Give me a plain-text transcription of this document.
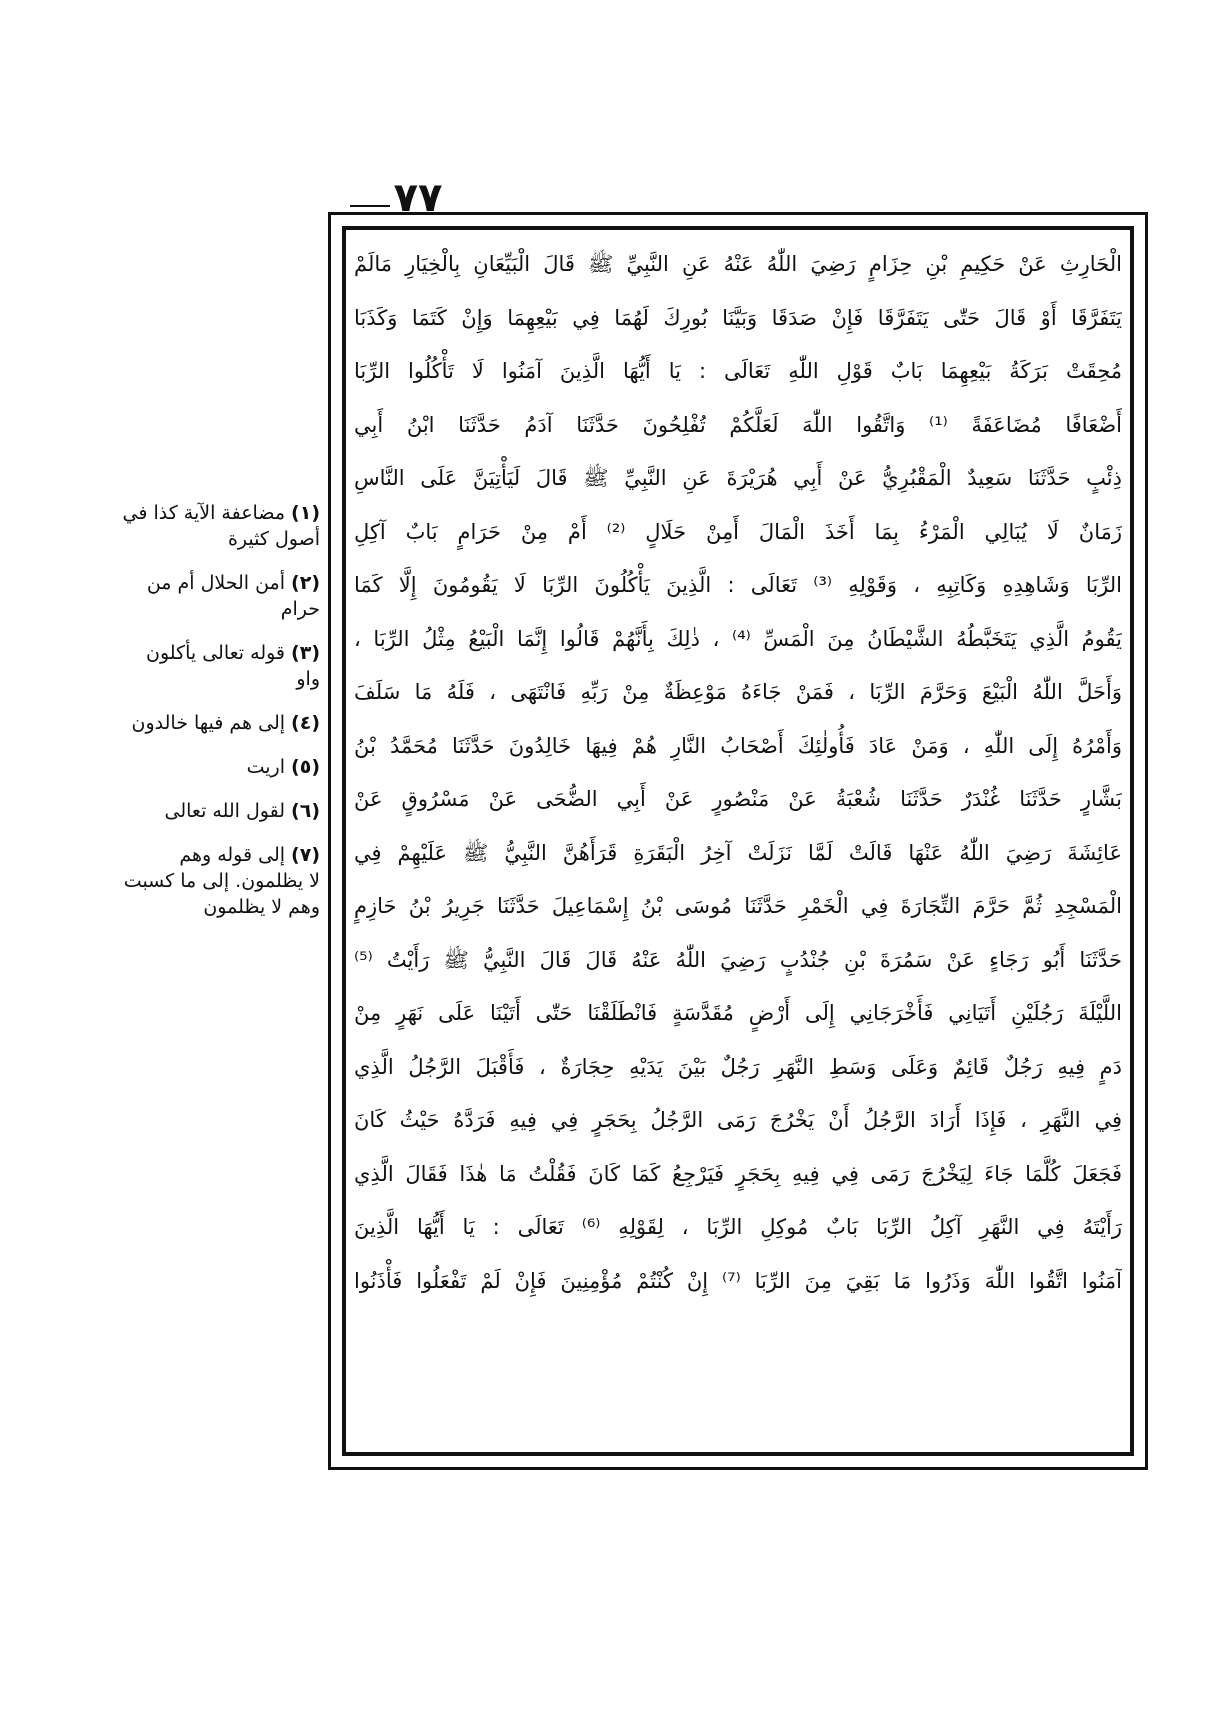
٧٧
الْحَارِثِ عَنْ حَكِيمِ بْنِ حِزَامٍ رَضِيَ اللّٰهُ عَنْهُ عَنِ النَّبِيِّ ﷺ قَالَ الْبَيِّعَانِ بِالْخِيَارِ مَالَمْ
يَتَفَرَّقَا أَوْ قَالَ حَتّٰى يَتَفَرَّقَا فَإِنْ صَدَقَا وَبَيَّنَا بُورِكَ لَهُمَا فِي بَيْعِهِمَا وَإِنْ كَتَمَا وَكَذَبَا
مُحِقَتْ بَرَكَةُ بَيْعِهِمَا بَابٌ قَوْلِ اللّٰهِ تَعَالَى : يَا أَيُّهَا الَّذِينَ آمَنُوا لَا تَأْكُلُوا الرِّبَا
أَضْعَافًا مُضَاعَفَةً ⁽¹⁾ وَاتَّقُوا اللّٰهَ لَعَلَّكُمْ تُفْلِحُونَ حَدَّثَنَا آدَمُ حَدَّثَنَا ابْنُ أَبِي
ذِئْبٍ حَدَّثَنَا سَعِيدٌ الْمَقْبُرِيُّ عَنْ أَبِي هُرَيْرَةَ عَنِ النَّبِيِّ ﷺ قَالَ لَيَأْتِيَنَّ عَلَى النَّاسِ
زَمَانٌ لَا يُبَالِي الْمَرْءُ بِمَا أَخَذَ الْمَالَ أَمِنْ حَلَالٍ ⁽²⁾ أَمْ مِنْ حَرَامٍ بَابٌ آكِلِ
الرِّبَا وَشَاهِدِهِ وَكَاتِبِهِ ، وَقَوْلِهِ ⁽³⁾ تَعَالَى : الَّذِينَ يَأْكُلُونَ الرِّبَا لَا يَقُومُونَ إِلَّا كَمَا
يَقُومُ الَّذِي يَتَخَبَّطُهُ الشَّيْطَانُ مِنَ الْمَسِّ ⁽⁴⁾ ، ذٰلِكَ بِأَنَّهُمْ قَالُوا إِنَّمَا الْبَيْعُ مِثْلُ الرِّبَا ،
وَأَحَلَّ اللّٰهُ الْبَيْعَ وَحَرَّمَ الرِّبَا ، فَمَنْ جَاءَهُ مَوْعِظَةٌ مِنْ رَبِّهِ فَانْتَهَى ، فَلَهُ مَا سَلَفَ
وَأَمْرُهُ إِلَى اللّٰهِ ، وَمَنْ عَادَ فَأُولٰئِكَ أَصْحَابُ النَّارِ هُمْ فِيهَا خَالِدُونَ حَدَّثَنَا مُحَمَّدُ بْنُ
بَشَّارٍ حَدَّثَنَا غُنْدَرٌ حَدَّثَنَا شُعْبَةُ عَنْ مَنْصُورٍ عَنْ أَبِي الضُّحَى عَنْ مَسْرُوقٍ عَنْ
عَائِشَةَ رَضِيَ اللّٰهُ عَنْهَا قَالَتْ لَمَّا نَزَلَتْ آخِرُ الْبَقَرَةِ قَرَأَهُنَّ النَّبِيُّ ﷺ عَلَيْهِمْ فِي
الْمَسْجِدِ ثُمَّ حَرَّمَ التِّجَارَةَ فِي الْخَمْرِ حَدَّثَنَا مُوسَى بْنُ إِسْمَاعِيلَ حَدَّثَنَا جَرِيرُ بْنُ حَازِمٍ
حَدَّثَنَا أَبُو رَجَاءٍ عَنْ سَمُرَةَ بْنِ جُنْدُبٍ رَضِيَ اللّٰهُ عَنْهُ قَالَ قَالَ النَّبِيُّ ﷺ رَأَيْتُ ⁽⁵⁾
اللَّيْلَةَ رَجُلَيْنِ أَتَيَانِي فَأَخْرَجَانِي إِلَى أَرْضٍ مُقَدَّسَةٍ فَانْطَلَقْنَا حَتّٰى أَتَيْنَا عَلَى نَهَرٍ مِنْ
دَمٍ فِيهِ رَجُلٌ قَائِمٌ وَعَلَى وَسَطِ النَّهَرِ رَجُلٌ بَيْنَ يَدَيْهِ حِجَارَةٌ ، فَأَقْبَلَ الرَّجُلُ الَّذِي
فِي النَّهَرِ ، فَإِذَا أَرَادَ الرَّجُلُ أَنْ يَخْرُجَ رَمَى الرَّجُلُ بِحَجَرٍ فِي فِيهِ فَرَدَّهُ حَيْثُ كَانَ
فَجَعَلَ كُلَّمَا جَاءَ لِيَخْرُجَ رَمَى فِي فِيهِ بِحَجَرٍ فَيَرْجِعُ كَمَا كَانَ فَقُلْتُ مَا هٰذَا فَقَالَ الَّذِي
رَأَيْتَهُ فِي النَّهَرِ آكِلُ الرِّبَا بَابٌ مُوكِلِ الرِّبَا ، لِقَوْلِهِ ⁽⁶⁾ تَعَالَى : يَا أَيُّهَا الَّذِينَ
آمَنُوا اتَّقُوا اللّٰهَ وَذَرُوا مَا بَقِيَ مِنَ الرِّبَا ⁽⁷⁾ إِنْ كُنْتُمْ مُؤْمِنِينَ فَإِنْ لَمْ تَفْعَلُوا فَأْذَنُوا
(١)مضاعفة الآية كذا في
أصول كثيرة
(٢)أمن الحلال أم من
حرام
(٣)قوله تعالى يأكلون
واو
(٤)إلى هم فيها خالدون
(٥)اريت
(٦)لقول الله تعالى
(٧)إلى قوله وهم
لا يظلمون. إلى ما كسبت
وهم لا يظلمون
